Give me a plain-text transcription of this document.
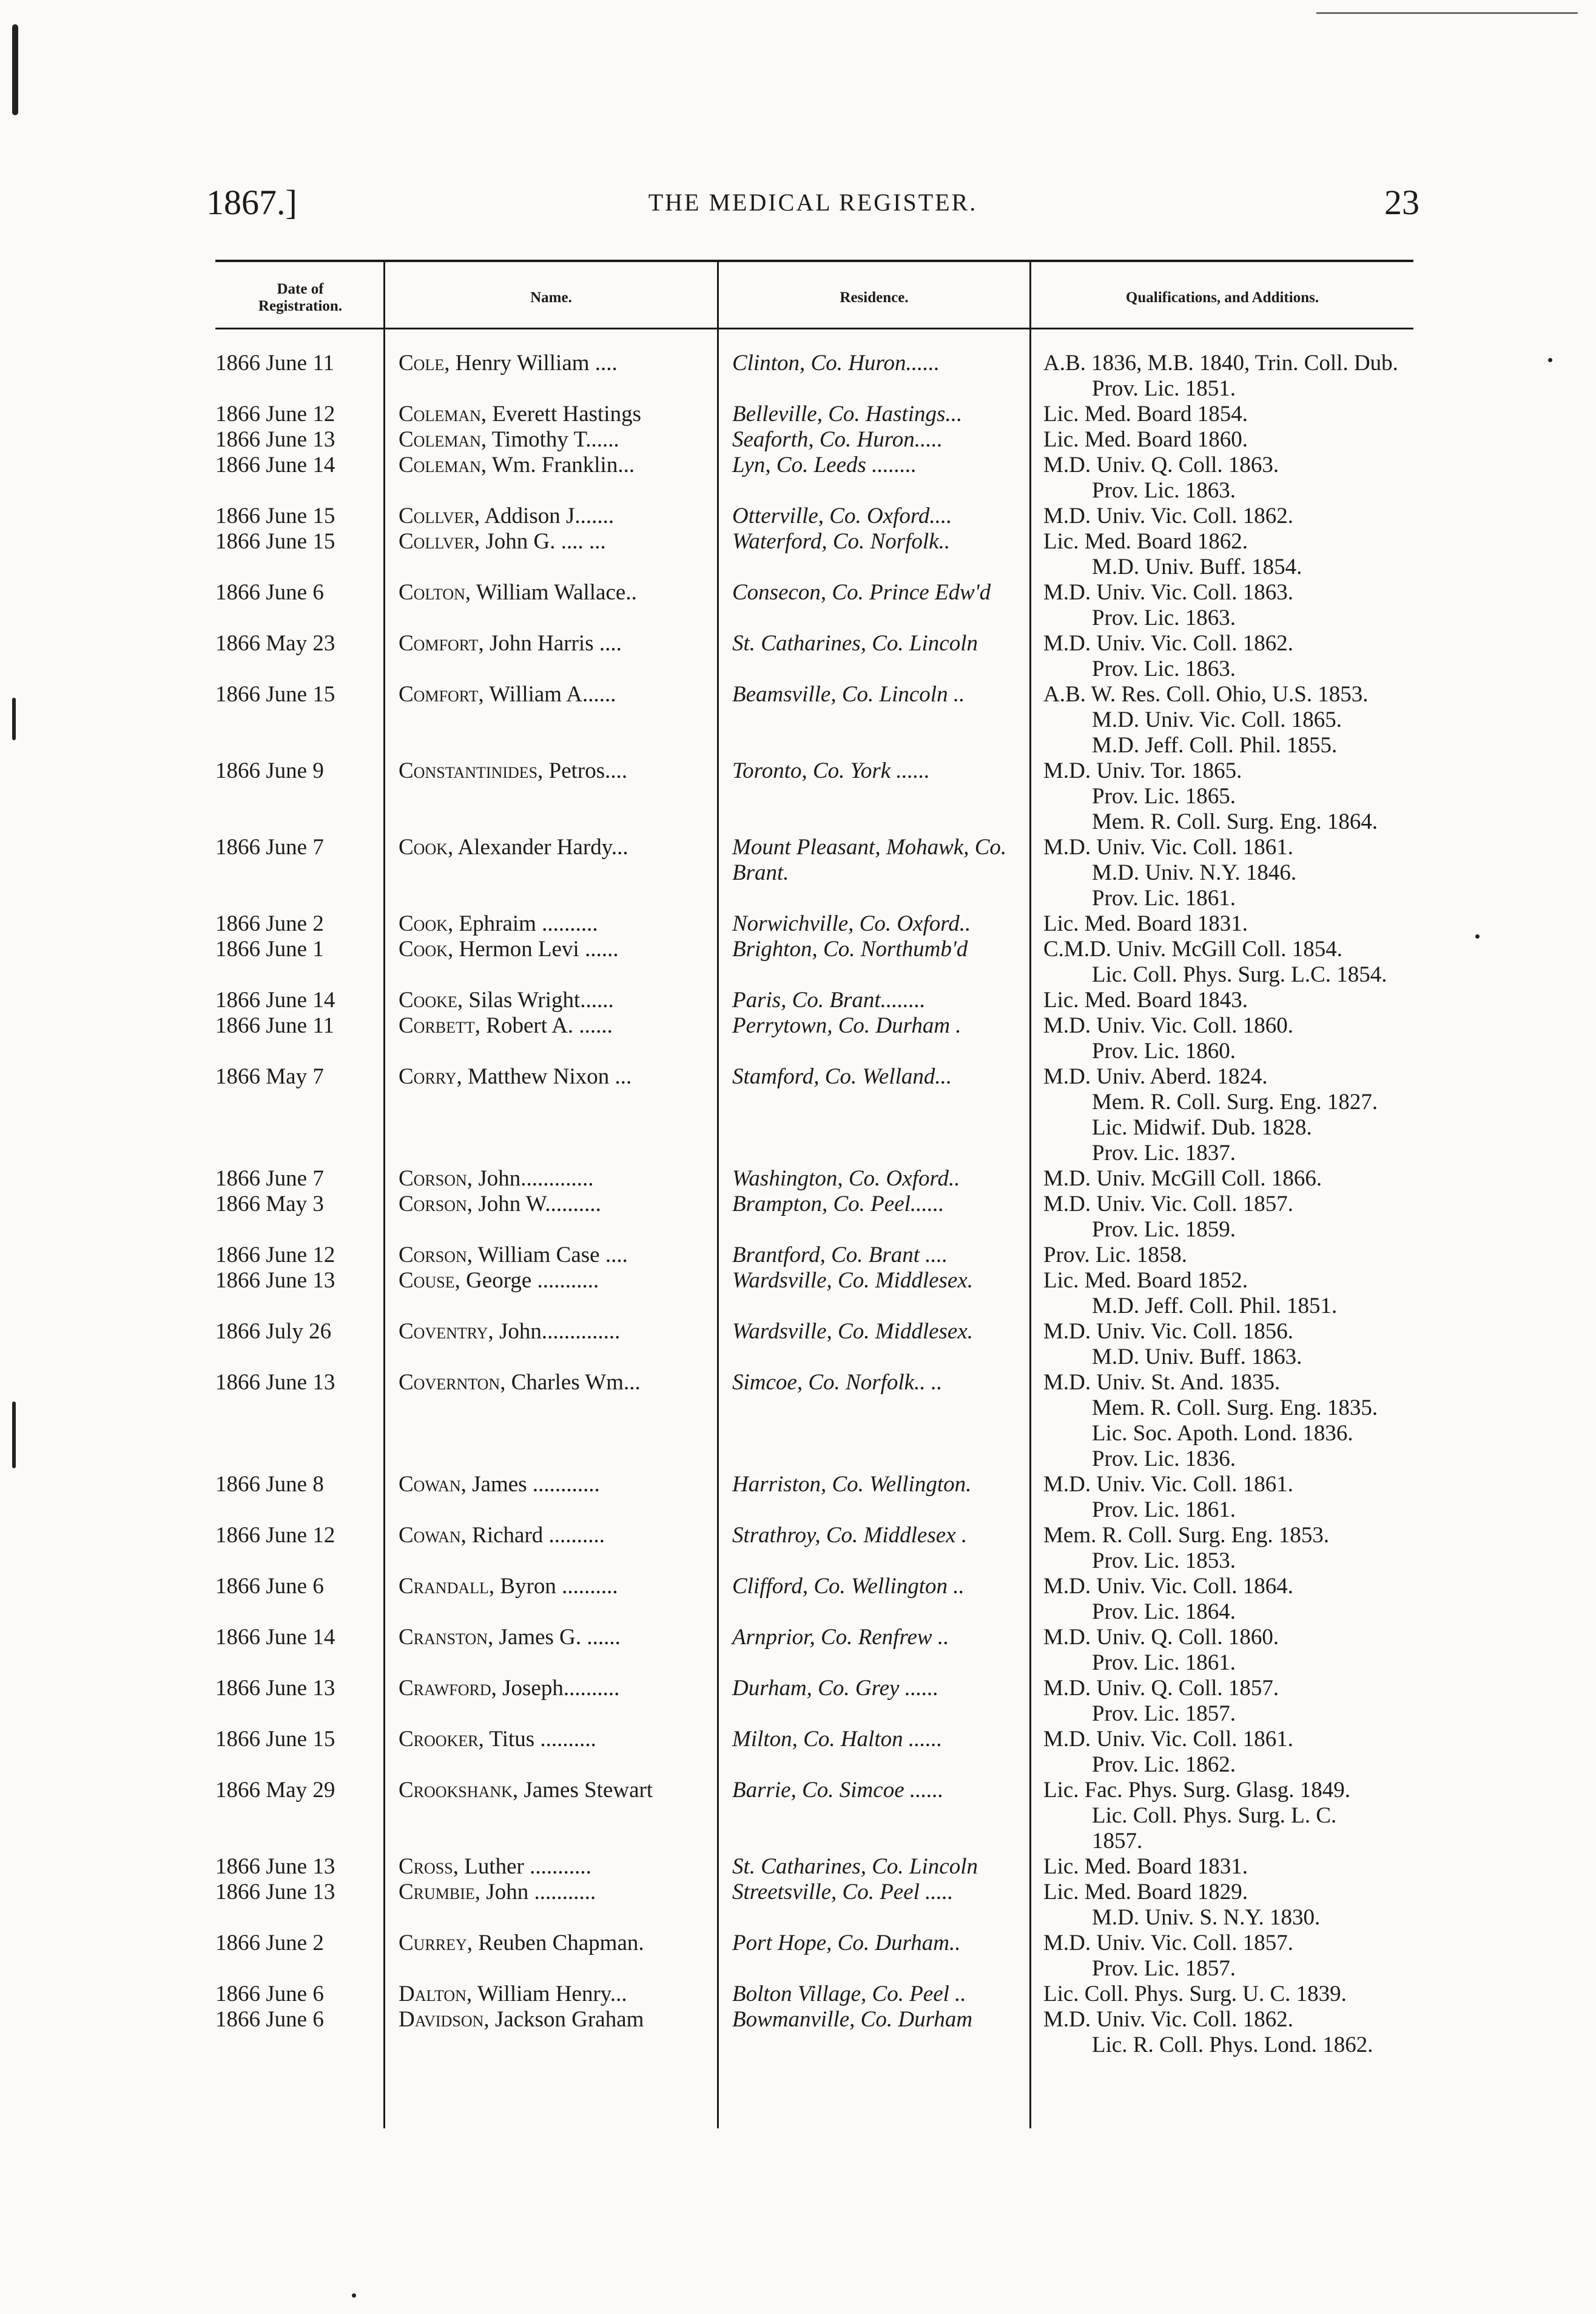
1867.]	THE MEDICAL REGISTER.	23
Date of Registration.
Name.	Residence.	Qualifications, and Additions.
1866 June 11	Cole, Henry William ....	Clinton, Co. Huron......	A.B. 1836, M.B. 1840, Trin. Coll. Dub.
Prov. Lic. 1851.
1866 June 12	Coleman, Everett Hastings	Belleville, Co. Hastings...	Lic. Med. Board 1854.
1866 June 13	Coleman, Timothy T......	Seaforth, Co. Huron.....	Lic. Med. Board 1860.
1866 June 14	Coleman, Wm. Franklin...	Lyn, Co. Leeds ........	M.D. Univ. Q. Coll. 1863.
Prov. Lic. 1863.
1866 June 15	Collver, Addison J.......	Otterville, Co. Oxford....	M.D. Univ. Vic. Coll. 1862.
1866 June 15	Collver, John G. .... ...	Waterford, Co. Norfolk..	Lic. Med. Board 1862.
M.D. Univ. Buff. 1854.
1866 June 6	Colton, William Wallace..	Consecon, Co. Prince Edw'd	M.D. Univ. Vic. Coll. 1863.
Prov. Lic. 1863.
1866 May 23	Comfort, John Harris ....	St. Catharines, Co. Lincoln	M.D. Univ. Vic. Coll. 1862.
Prov. Lic. 1863.
1866 June 15	Comfort, William A......	Beamsville, Co. Lincoln ..	A.B. W. Res. Coll. Ohio, U.S. 1853.
M.D. Univ. Vic. Coll. 1865.
M.D. Jeff. Coll. Phil. 1855.
1866 June 9	Constantinides, Petros....	Toronto, Co. York ......	M.D. Univ. Tor. 1865.
Prov. Lic. 1865.
Mem. R. Coll. Surg. Eng. 1864.
1866 June 7	Cook, Alexander Hardy...	Mount Pleasant, Mohawk, Co. Brant.
M.D. Univ. Vic. Coll. 1861.
M.D. Univ. N.Y. 1846.
Prov. Lic. 1861.
1866 June 2	Cook, Ephraim ..........	Norwichville, Co. Oxford..	Lic. Med. Board 1831.
1866 June 1	Cook, Hermon Levi ......	Brighton, Co. Northumb'd	C.M.D. Univ. McGill Coll. 1854.
Lic. Coll. Phys. Surg. L.C. 1854.
1866 June 14	Cooke, Silas Wright......	Paris, Co. Brant........	Lic. Med. Board 1843.
1866 June 11	Corbett, Robert A. ......	Perrytown, Co. Durham .	M.D. Univ. Vic. Coll. 1860.
Prov. Lic. 1860.
1866 May 7	Corry, Matthew Nixon ...	Stamford, Co. Welland...	M.D. Univ. Aberd. 1824.
Mem. R. Coll. Surg. Eng. 1827.
Lic. Midwif. Dub. 1828.
Prov. Lic. 1837.
1866 June 7	Corson, John.............	Washington, Co. Oxford..	M.D. Univ. McGill Coll. 1866.
1866 May 3	Corson, John W..........	Brampton, Co. Peel......	M.D. Univ. Vic. Coll. 1857.
Prov. Lic. 1859.
1866 June 12	Corson, William Case ....	Brantford, Co. Brant ....	Prov. Lic. 1858.
1866 June 13	Couse, George ...........	Wardsville, Co. Middlesex.	Lic. Med. Board 1852.
M.D. Jeff. Coll. Phil. 1851.
1866 July 26	Coventry, John..............	Wardsville, Co. Middlesex.	M.D. Univ. Vic. Coll. 1856.
M.D. Univ. Buff. 1863.
1866 June 13	Covernton, Charles Wm...	Simcoe, Co. Norfolk.. ..	M.D. Univ. St. And. 1835.
Mem. R. Coll. Surg. Eng. 1835.
Lic. Soc. Apoth. Lond. 1836.
Prov. Lic. 1836.
1866 June 8	Cowan, James ............	Harriston, Co. Wellington.	M.D. Univ. Vic. Coll. 1861.
Prov. Lic. 1861.
1866 June 12	Cowan, Richard ..........	Strathroy, Co. Middlesex .	Mem. R. Coll. Surg. Eng. 1853.
Prov. Lic. 1853.
1866 June 6	Crandall, Byron ..........	Clifford, Co. Wellington ..	M.D. Univ. Vic. Coll. 1864.
Prov. Lic. 1864.
1866 June 14	Cranston, James G. ......	Arnprior, Co. Renfrew ..	M.D. Univ. Q. Coll. 1860.
Prov. Lic. 1861.
1866 June 13	Crawford, Joseph..........	Durham, Co. Grey ......	M.D. Univ. Q. Coll. 1857.
Prov. Lic. 1857.
1866 June 15	Crooker, Titus ..........	Milton, Co. Halton ......	M.D. Univ. Vic. Coll. 1861.
Prov. Lic. 1862.
1866 May 29	Crookshank, James Stewart	Barrie, Co. Simcoe ......	Lic. Fac. Phys. Surg. Glasg. 1849.
Lic. Coll. Phys. Surg. L. C.
1857.
1866 June 13	Cross, Luther ...........	St. Catharines, Co. Lincoln	Lic. Med. Board 1831.
1866 June 13	Crumbie, John ...........	Streetsville, Co. Peel .....	Lic. Med. Board 1829.
M.D. Univ. S. N.Y. 1830.
1866 June 2	Currey, Reuben Chapman.	Port Hope, Co. Durham..	M.D. Univ. Vic. Coll. 1857.
Prov. Lic. 1857.
1866 June 6	Dalton, William Henry...	Bolton Village, Co. Peel ..	Lic. Coll. Phys. Surg. U. C. 1839.
1866 June 6	Davidson, Jackson Graham	Bowmanville, Co. Durham	M.D. Univ. Vic. Coll. 1862.
Lic. R. Coll. Phys. Lond. 1862.
